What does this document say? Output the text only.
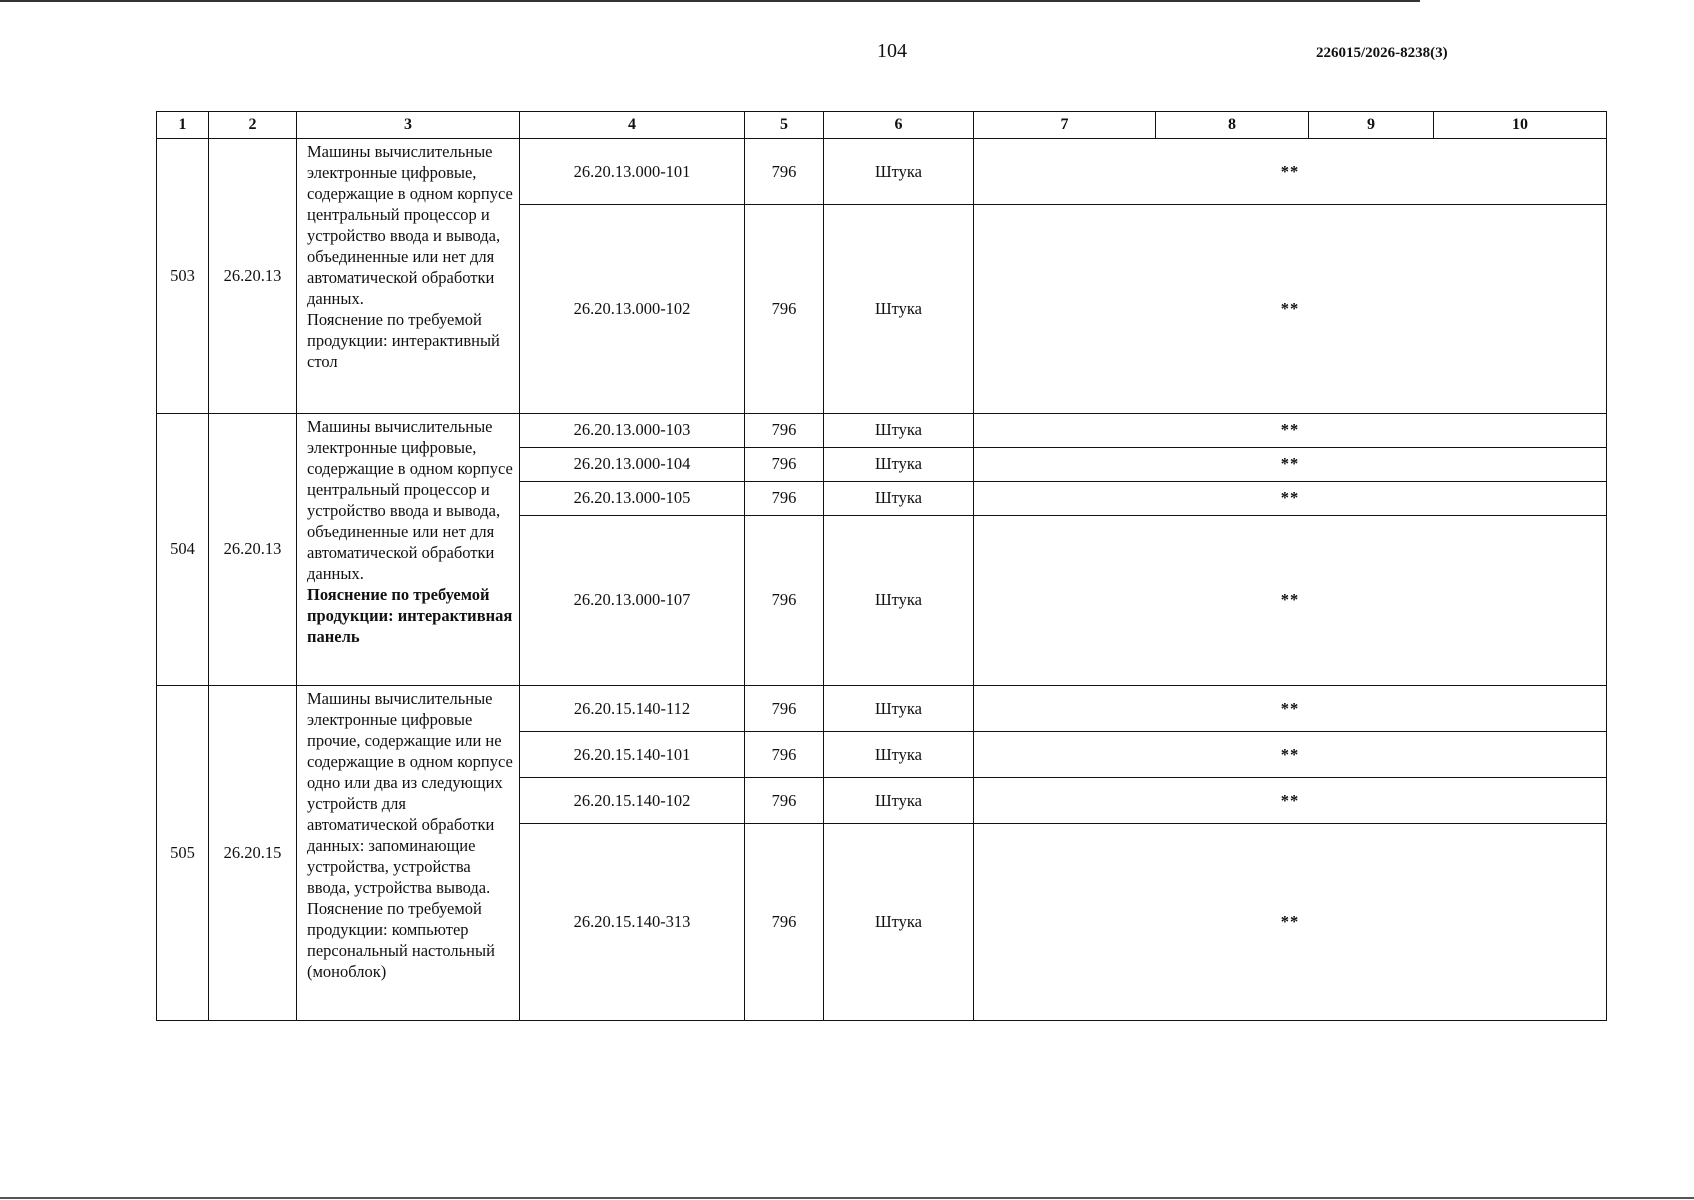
104	226015/2026-8238(3)
1	2	3	4	5	6	7	8	9	10
503	26.20.13	Машины вычислительные электронные цифровые, содержащие в одном корпусе центральный процессор и устройство ввода и вывода, объединенные или нет для автоматической обработки данных.
Пояснение по требуемой продукции: интерактивный стол	26.20.13.000-101	796	Штука	**			
			26.20.13.000-102	796	Штука	**			
504	26.20.13	Машины вычислительные электронные цифровые, содержащие в одном корпусе центральный процессор и устройство ввода и вывода, объединенные или нет для автоматической обработки данных.
Пояснение по требуемой продукции: интерактивная панель	26.20.13.000-103	796	Штука	**			
			26.20.13.000-104	796	Штука	**			
			26.20.13.000-105	796	Штука	**			
			26.20.13.000-107	796	Штука	**			
505	26.20.15	Машины вычислительные электронные цифровые прочие, содержащие или не содержащие в одном корпусе одно или два из следующих устройств для автоматической обработки данных: запоминающие устройства, устройства ввода, устройства вывода.
Пояснение по требуемой продукции: компьютер персональный настольный (моноблок)	26.20.15.140-112	796	Штука	**			
			26.20.15.140-101	796	Штука	**			
			26.20.15.140-102	796	Штука	**			
			26.20.15.140-313	796	Штука	**			
